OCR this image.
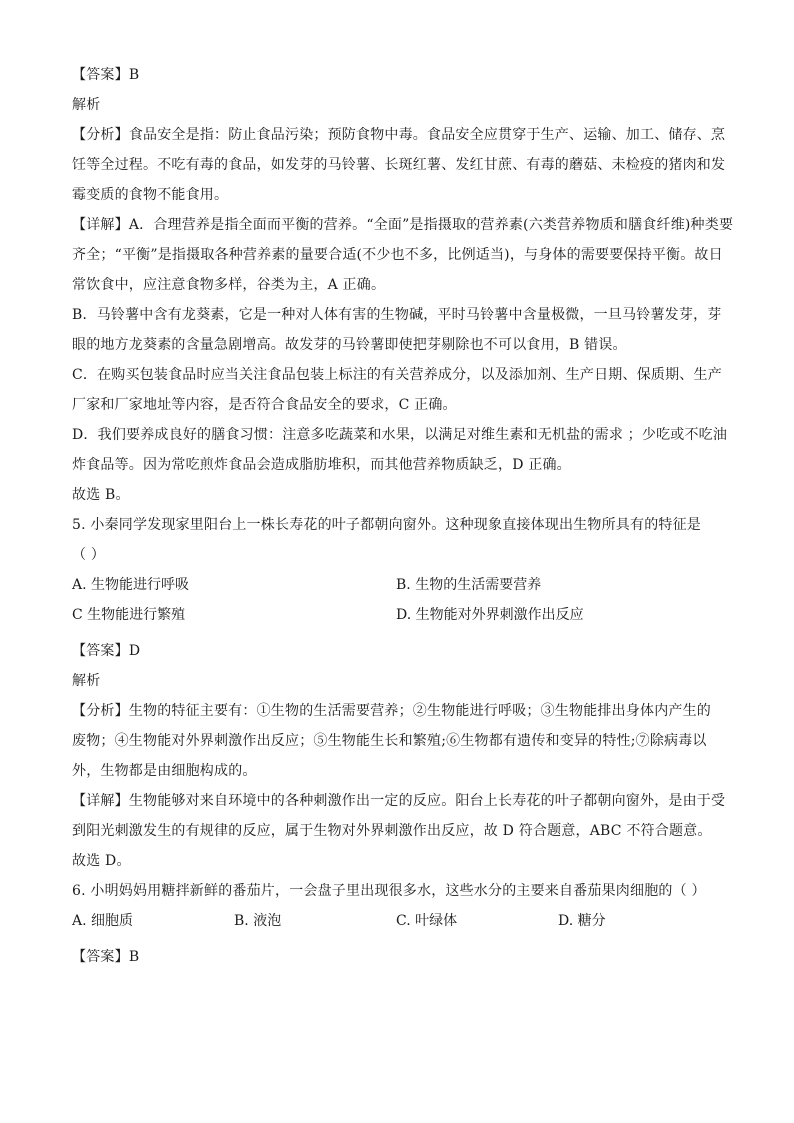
【答案】B
解析
【分析】食品安全是指：防止食品污染；预防食物中毒。食品安全应贯穿于生产、运输、加工、储存、烹
饪等全过程。不吃有毒的食品，如发芽的马铃薯、长斑红薯、发红甘蔗、有毒的蘑菇、未检疫的猪肉和发
霉变质的食物不能食用。
【详解】A．合理营养是指全面而平衡的营养。“全面”是指摄取的营养素(六类营养物质和膳食纤维)种类要
齐全；“平衡”是指摄取各种营养素的量要合适(不少也不多，比例适当)，与身体的需要要保持平衡。故日
常饮食中，应注意食物多样，谷类为主，A 正确。
B．马铃薯中含有龙葵素，它是一种对人体有害的生物碱，平时马铃薯中含量极微，一旦马铃薯发芽，芽
眼的地方龙葵素的含量急剧增高。故发芽的马铃薯即使把芽剔除也不可以食用，B 错误。
C．在购买包装食品时应当关注食品包装上标注的有关营养成分，以及添加剂、生产日期、保质期、生产
厂家和厂家地址等内容，是否符合食品安全的要求，C 正确。
D．我们要养成良好的膳食习惯：注意多吃蔬菜和水果，以满足对维生素和无机盐的需求 ；少吃或不吃油
炸食品等。因为常吃煎炸食品会造成脂肪堆积，而其他营养物质缺乏，D 正确。
故选 B。
5. 小秦同学发现家里阳台上一株长寿花的叶子都朝向窗外。这种现象直接体现出生物所具有的特征是
（ ）
A. 生物能进行呼吸	B. 生物的生活需要营养
C 生物能进行繁殖	D. 生物能对外界刺激作出反应
【答案】D
解析
【分析】生物的特征主要有：①生物的生活需要营养；②生物能进行呼吸；③生物能排出身体内产生的
废物；④生物能对外界刺激作出反应；⑤生物能生长和繁殖;⑥生物都有遗传和变异的特性;⑦除病毒以
外，生物都是由细胞构成的。
【详解】生物能够对来自环境中的各种刺激作出一定的反应。阳台上长寿花的叶子都朝向窗外，是由于受
到阳光刺激发生的有规律的反应，属于生物对外界刺激作出反应，故 D 符合题意，ABC 不符合题意。
故选 D。
6. 小明妈妈用糖拌新鲜的番茄片，一会盘子里出现很多水，这些水分的主要来自番茄果肉细胞的（ ）
A. 细胞质	B. 液泡	C. 叶绿体	D. 糖分
【答案】B
